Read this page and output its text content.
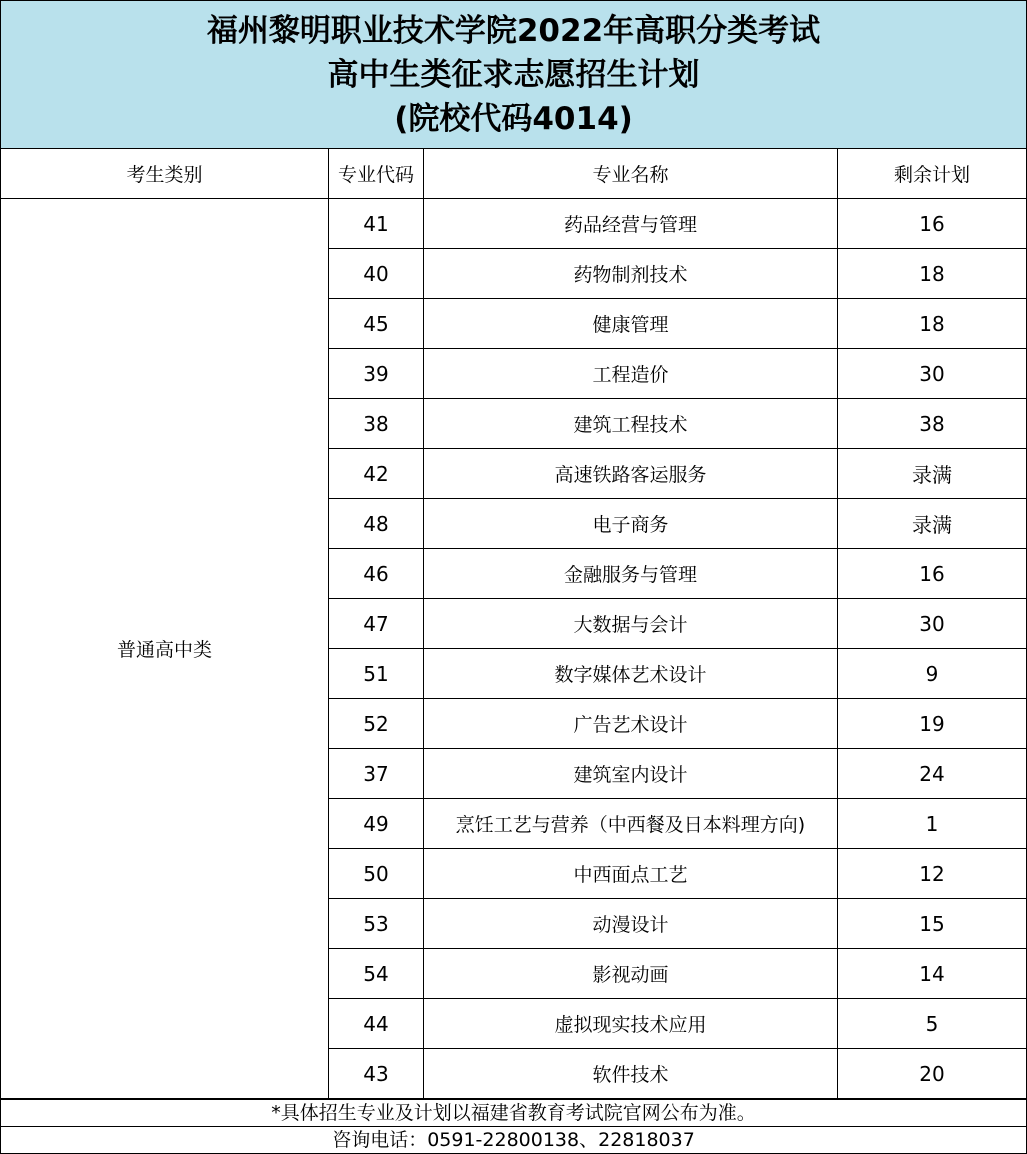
福州黎明职业技术学院2022年高职分类考试
高中生类征求志愿招生计划
(院校代码4014)
考生类别	专业代码	专业名称	剩余计划
普通高中类	41	药品经营与管理	16
	40	药物制剂技术	18
	45	健康管理	18
	39	工程造价	30
	38	建筑工程技术	38
	42	高速铁路客运服务	录满
	48	电子商务	录满
	46	金融服务与管理	16
	47	大数据与会计	30
	51	数字媒体艺术设计	9
	52	广告艺术设计	19
	37	建筑室内设计	24
	49	烹饪工艺与营养（中西餐及日本料理方向)	1
	50	中西面点工艺	12
	53	动漫设计	15
	54	影视动画	14
	44	虚拟现实技术应用	5
	43	软件技术	20
*具体招生专业及计划以福建省教育考试院官网公布为准。
咨询电话：0591-22800138、22818037
